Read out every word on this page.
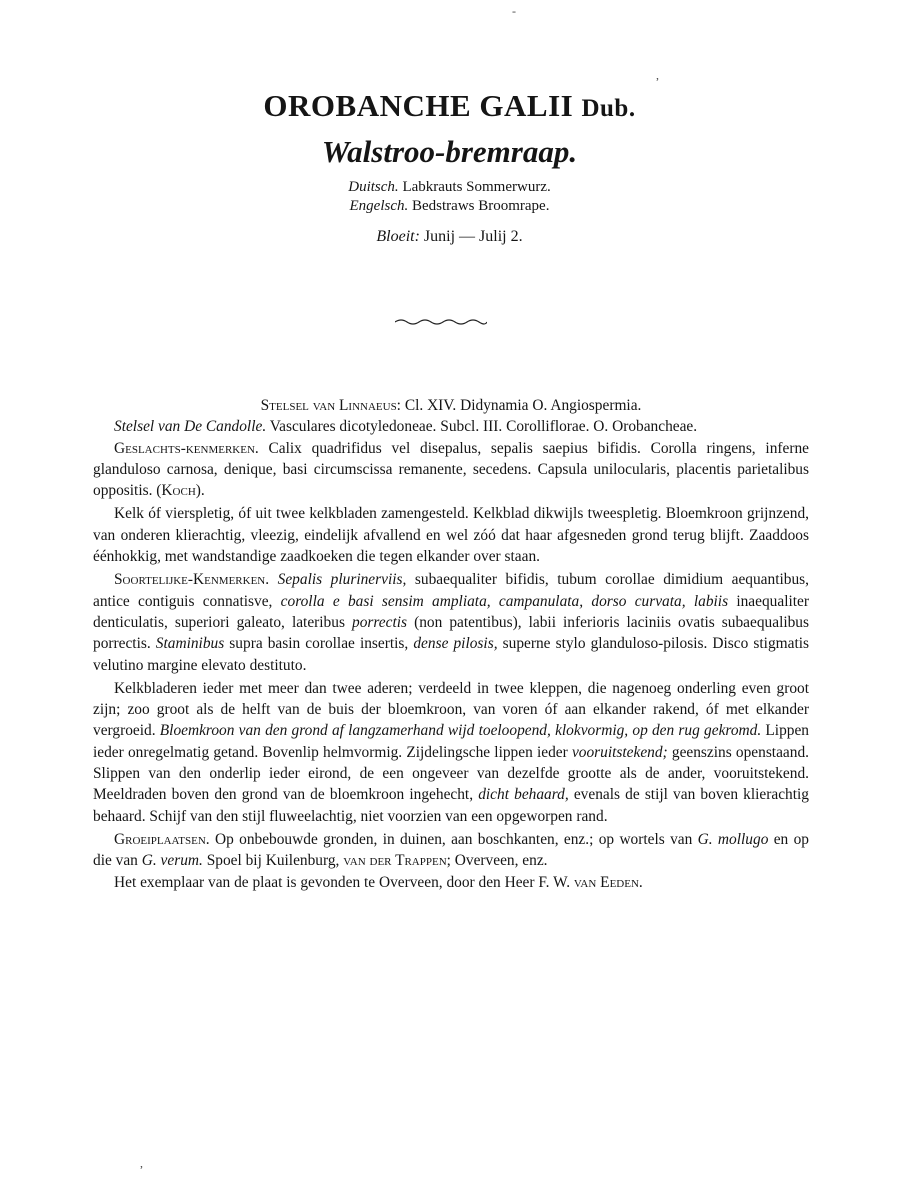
-
,
,
OROBANCHE GALII Dub.
Walstroo-bremraap.
Duitsch. Labkrauts Sommerwurz.
Engelsch. Bedstraws Broomrape.
Bloeit: Junij — Julij 2.

Stelsel van Linnaeus: Cl. XIV. Didynamia O. Angiospermia.

Stelsel van De Candolle. Vasculares dicotyledoneae. Subcl. III. Corolliflorae. O. Orobancheae.

Geslachts-kenmerken. Calix quadrifidus vel disepalus, sepalis saepius bifidis. Corolla ringens, inferne glanduloso carnosa, denique, basi circumscissa remanente, secedens. Capsula unilocularis, placentis parietalibus oppositis. (Koch).

Kelk óf vierspletig, óf uit twee kelkbladen zamengesteld. Kelkblad dikwijls tweespletig. Bloemkroon grijnzend, van onderen klierachtig, vleezig, eindelijk afvallend en wel zóó dat haar afgesneden grond terug blijft. Zaaddoos éénhokkig, met wandstandige zaadkoeken die tegen elkander over staan.

Soortelijke-Kenmerken. Sepalis plurinerviis, subaequaliter bifidis, tubum corollae dimidium aequantibus, antice contiguis connatisve, corolla e basi sensim ampliata, campanulata, dorso curvata, labiis inaequaliter denticulatis, superiori galeato, lateribus porrectis (non patentibus), labii inferioris laciniis ovatis subaequalibus porrectis. Staminibus supra basin corollae insertis, dense pilosis, superne stylo glanduloso-pilosis. Disco stigmatis velutino margine elevato destituto.

Kelkbladeren ieder met meer dan twee aderen; verdeeld in twee kleppen, die nagenoeg onderling even groot zijn; zoo groot als de helft van de buis der bloemkroon, van voren óf aan elkander rakend, óf met elkander vergroeid. Bloemkroon van den grond af langzamerhand wijd toeloopend, klokvormig, op den rug gekromd. Lippen ieder onregelmatig getand. Bovenlip helmvormig. Zijdelingsche lippen ieder vooruitstekend; geenszins openstaand. Slippen van den onderlip ieder eirond, de een ongeveer van dezelfde grootte als de ander, vooruitstekend. Meeldraden boven den grond van de bloemkroon ingehecht, dicht behaard, evenals de stijl van boven klierachtig behaard. Schijf van den stijl fluweelachtig, niet voorzien van een opgeworpen rand.

Groeiplaatsen. Op onbebouwde gronden, in duinen, aan boschkanten, enz.; op wortels van G. mollugo en op die van G. verum. Spoel bij Kuilenburg, van der Trappen; Overveen, enz.

Het exemplaar van de plaat is gevonden te Overveen, door den Heer F. W. van Eeden.
